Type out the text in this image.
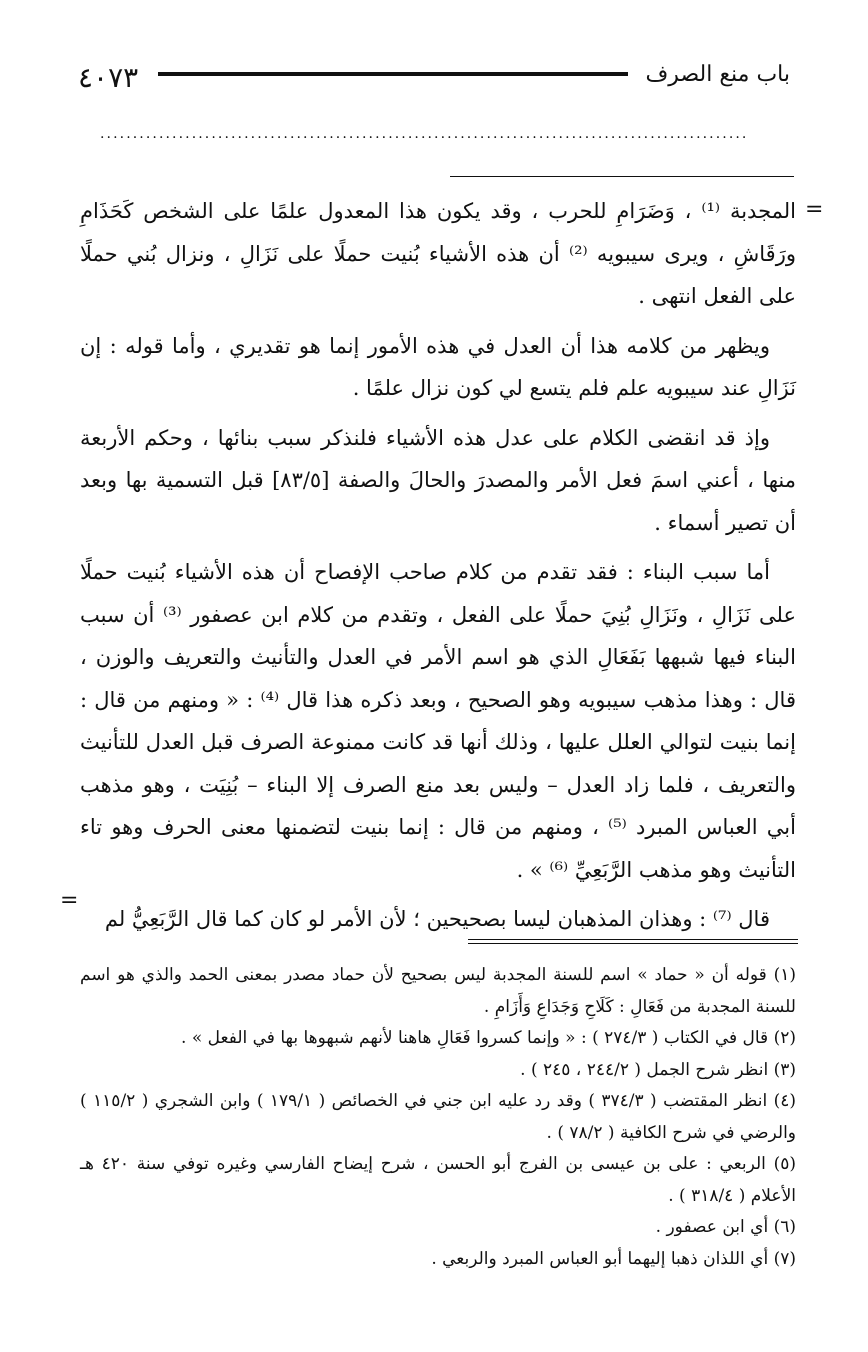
٤٠٧٣	باب منع الصرف
...................................................................................................
=

المجدبة ⁽¹⁾ ، وَضَرَامِ للحرب ، وقد يكون هذا المعدول علمًا على الشخص كَحَذَامِ ورَقَاشِ ، ويرى سيبويه ⁽²⁾ أن هذه الأشياء بُنيت حملًا على نَزَالِ ، ونزال بُني حملًا على الفعل انتهى .

ويظهر من كلامه هذا أن العدل في هذه الأمور إنما هو تقديري ، وأما قوله : إن نَزَالِ عند سيبويه علم فلم يتسع لي كون نزال علمًا .

وإذ قد انقضى الكلام على عدل هذه الأشياء فلنذكر سبب بنائها ، وحكم الأربعة منها ، أعني اسمَ فعل الأمر والمصدرَ والحالَ والصفة [٨٣/٥] قبل التسمية بها وبعد أن تصير أسماء .

أما سبب البناء : فقد تقدم من كلام صاحب الإفصاح أن هذه الأشياء بُنيت حملًا على نَزَالِ ، ونَزَالِ بُنِيَ حملًا على الفعل ، وتقدم من كلام ابن عصفور ⁽³⁾ أن سبب البناء فيها شبهها بَفَعَالِ الذي هو اسم الأمر في العدل والتأنيث والتعريف والوزن ، قال : وهذا مذهب سيبويه وهو الصحيح ، وبعد ذكره هذا قال ⁽⁴⁾ : « ومنهم من قال : إنما بنيت لتوالي العلل عليها ، وذلك أنها قد كانت ممنوعة الصرف قبل العدل للتأنيث والتعريف ، فلما زاد العدل – وليس بعد منع الصرف إلا البناء – بُنِيَت ، وهو مذهب أبي العباس المبرد ⁽⁵⁾ ، ومنهم من قال : إنما بنيت لتضمنها معنى الحرف وهو تاء التأنيث وهو مذهب الرَّبَعِيِّ ⁽⁶⁾ » .

قال ⁽⁷⁾ : وهذان المذهبان ليسا بصحيحين ؛ لأن الأمر لو كان كما قال الرَّبَعِيُّ لم

=
(١) قوله أن « حماد » اسم للسنة المجدبة ليس بصحيح لأن حماد مصدر بمعنى الحمد والذي هو اسم للسنة المجدبة من فَعَالِ : كَلَاحِ وَجَدَاعِ وَأَزَامِ .
(٢) قال في الكتاب ( ٢٧٤/٣ ) : « وإنما كسروا فَعَالِ هاهنا لأنهم شبهوها بها في الفعل » .
(٣) انظر شرح الجمل ( ٢٤٤/٢ ، ٢٤٥ ) .
(٤) انظر المقتضب ( ٣٧٤/٣ ) وقد رد عليه ابن جني في الخصائص ( ١٧٩/١ ) وابن الشجري ( ١١٥/٢ ) والرضي في شرح الكافية ( ٧٨/٢ ) .
(٥) الربعي : على بن عيسى بن الفرج أبو الحسن ، شرح إيضاح الفارسي وغيره توفي سنة ٤٢٠ هـ الأعلام ( ٣١٨/٤ ) .
(٦) أي ابن عصفور .
(٧) أي اللذان ذهبا إليهما أبو العباس المبرد والربعي .
